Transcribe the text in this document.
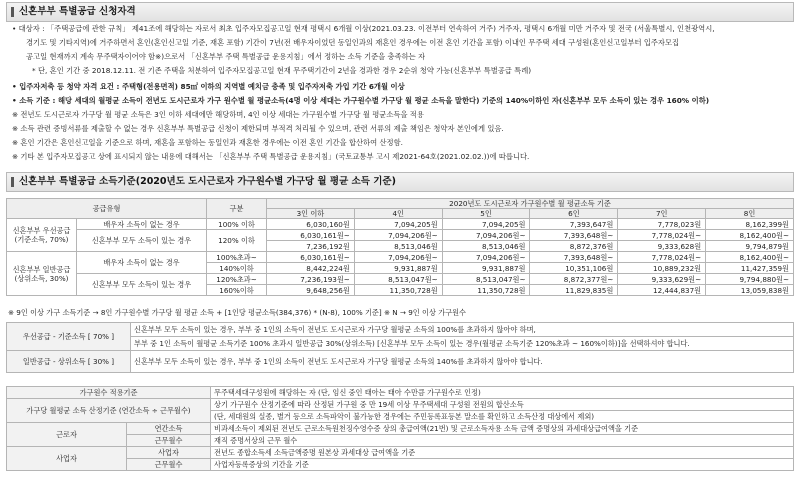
신혼부부 특별공급 신청자격
• 대상자 : 「주택공급에 관한 규칙」 제41조에 해당하는 자로서 최초 입주자모집공고일 현재 평택시 6개월 이상(2021.03.23. 이전부터 연속하여 거주) 거주자, 평택시 6개월 미만 거주자 및 전국 (서울특별시, 인천광역시,
경기도 및 기타지역)에 거주하면서 혼인(혼인신고일 기준, 재혼 포함) 기간이 7년(전 배우자이었던 동일인과의 재혼인 경우에는 이전 혼인 기간을 포함) 이내인 무주택 세대 구성원(혼인신고일부터 입주자모집
공고일 현재까지 계속 무주택자이어야 함※)으로서 「신혼부부 주택 특별공급 운용지침」에서 정하는 소득 기준을 충족하는 자
* 단, 혼인 기간 중 2018.12.11. 전 기존 주택을 처분하여 입주자모집공고일 현재 무주택기간이 2년을 경과한 경우 2순위 청약 가능(신혼부부 특별공급 특례)
• 입주자저축 등 청약 자격 요건 : 주택형(전용면적) 85㎡ 이하의 지역별 예치금 충족 및 입주자저축 가입 기간 6개월 이상
• 소득 기준 : 해당 세대의 월평균 소득이 전년도 도시근로자 가구 원수별 월 평균소득(4명 이상 세대는 가구원수별 가구당 월 평균 소득을 말한다) 기준의 140%이하인 자(신혼부부 모두 소득이 있는 경우 160% 이하)
※ 전년도 도시근로자 가구당 월 평균 소득은 3인 이하 세대에만 해당하며, 4인 이상 세대는 가구원수별 가구당 월 평균소득을 적용
※ 소득 관련 증빙서류를 제출할 수 없는 경우 신혼부부 특별공급 신청이 제한되며 부적격 처리될 수 있으며, 관련 서류의 제출 책임은 청약자 본인에게 있음.
※ 혼인 기간은 혼인신고일을 기준으로 하며, 재혼을 포함하는 동일인과 재혼한 경우에는 이전 혼인 기간을 합산하여 산정함.
※ 기타 본 입주자모집공고 상에 표시되지 않는 내용에 대해서는 「신혼부부 주택 특별공급 운용지침」(국토교통부 고시 제2021-64호(2021.02.02.))에 따릅니다.
신혼부부 특별공급 소득기준(2020년도 도시근로자 가구원수별 가구당 월 평균 소득 기준)
공급유형		구분	2020년도 도시근로자 가구원수별 월 평균소득 기준					
			3인 이하	4인	5인	6인	7인	8인

신혼부부 우선공급
(기준소득, 70%)	배우자 소득이 없는 경우	100% 이하	6,030,160원	7,094,205원	7,094,205원	7,393,647원	7,778,023원	8,162,399원
	신혼부부 모두 소득이 있는 경우	120% 이하	6,030,161원~	7,094,206원~	7,094,206원~	7,393,648원~	7,778,024원~	8,162,400원~
			7,236,192원	8,513,046원	8,513,046원	8,872,376원	9,333,628원	9,794,879원

신혼부부 일반공급
(상위소득, 30%)	배우자 소득이 없는 경우	100%초과~	6,030,161원~	7,094,206원~	7,094,206원~	7,393,648원~	7,778,024원~	8,162,400원~
		140%이하	8,442,224원	9,931,887원	9,931,887원	10,351,106원	10,889,232원	11,427,359원
	신혼부부 모두 소득이 있는 경우	120%초과~	7,236,193원~	8,513,047원~	8,513,047원~	8,872,377원~	9,333,629원~	9,794,880원~
		160%이하	9,648,256원	11,350,728원	11,350,728원	11,829,835원	12,444,837원	13,059,838원
※ 9인 이상 가구 소득기준 → 8인 가구원수별 가구당 월 평균 소득 + [1인당 평균소득(384,376) * (N-8), 100% 기준] ※ N → 9인 이상 가구원수
우선공급 - 기준소득 [ 70% ]	신혼부부 모두 소득이 있는 경우, 부부 중 1인의 소득이 전년도 도시근로자 가구당 월평균 소득의 100%를 초과하지 않아야 하며,
	부부 중 1인 소득이 월평균 소득기준 100% 초과시 일반공급 30%(상위소득) [신혼부부 모두 소득이 있는 경우(월평균 소득기준 120%초과 ~ 160%이하)]을 선택하셔야 합니다.
일반공급 - 상위소득 [ 30% ]	신혼부부 모두 소득이 있는 경우, 부부 중 1인의 소득이 전년도 도시근로자 가구당 월평균 소득의 140%를 초과하지 않아야 합니다.
가구원수 적용기준		무주택세대구성원에 해당하는 자 (단, 임신 중인 태아는 태아 수만큼 가구원수로 인정)
가구당 월평균 소득 산정기준 (연간소득 ÷ 근무월수)		상기 가구원수 산정기준에 따라 산정된 가구원 중 만 19세 이상 무주택세대 구성원 전원의 합산소득
		(단, 세대원의 실종, 별거 등으로 소득파악이 불가능한 경우에는 주민등록표등본 말소를 확인하고 소득산정 대상에서 제외)
근로자	연간소득	비과세소득이 제외된 전년도 근로소득원천징수영수증 상의 총급여액(21번) 및 근로소득자용 소득 금액 증명상의 과세대상급여액을 기준
	근무월수	재직 증명서상의 근무 월수
사업자	사업자	전년도 종합소득세 소득금액증명 원본상 과세대상 급여액을 기준
	근무월수	사업자등록증상의 기간을 기준
